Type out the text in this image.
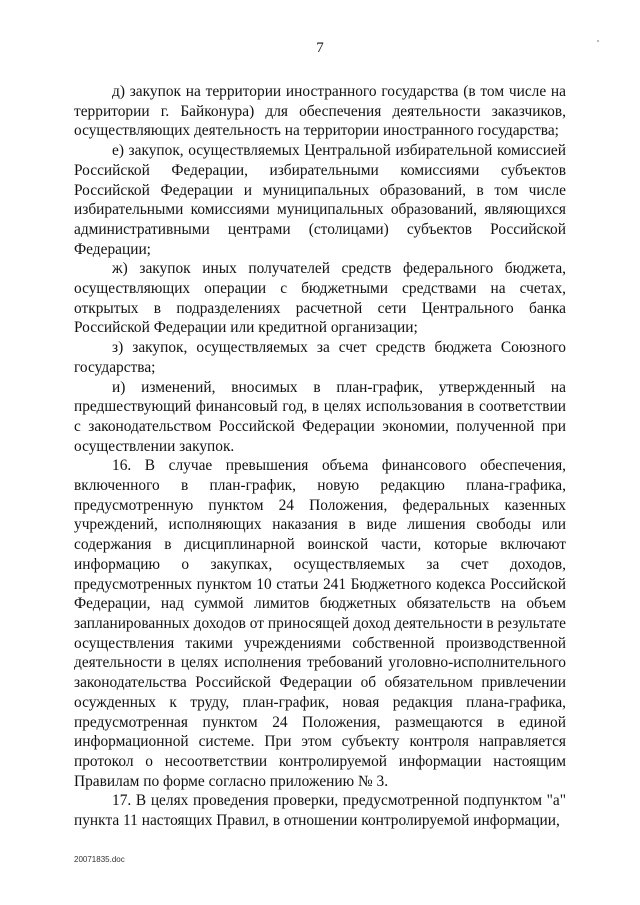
7

д) закупок на территории иностранного государства (в том числе на территории г. Байконура) для обеспечения деятельности заказчиков, осуществляющих деятельность на территории иностранного государства;

е) закупок, осуществляемых Центральной избирательной комиссией Российской Федерации, избирательными комиссиями субъектов Российской Федерации и муниципальных образований, в том числе избирательными комиссиями муниципальных образований, являющихся административными центрами (столицами) субъектов Российской Федерации;

ж) закупок иных получателей средств федерального бюджета, осуществляющих операции с бюджетными средствами на счетах, открытых в подразделениях расчетной сети Центрального банка Российской Федерации или кредитной организации;

з) закупок, осуществляемых за счет средств бюджета Союзного государства;

и) изменений, вносимых в план-график, утвержденный на предшествующий финансовый год, в целях использования в соответствии с законодательством Российской Федерации экономии, полученной при осуществлении закупок.

16. В случае превышения объема финансового обеспечения, включенного в план-график, новую редакцию плана-графика, предусмотренную пунктом 24 Положения, федеральных казенных учреждений, исполняющих наказания в виде лишения свободы или содержания в дисциплинарной воинской части, которые включают информацию о закупках, осуществляемых за счет доходов, предусмотренных пунктом 10 статьи 241 Бюджетного кодекса Российской Федерации, над суммой лимитов бюджетных обязательств на объем запланированных доходов от приносящей доход деятельности в результате осуществления такими учреждениями собственной производственной деятельности в целях исполнения требований уголовно-исполнительного законодательства Российской Федерации об обязательном привлечении осужденных к труду, план-график, новая редакция плана-графика, предусмотренная пунктом 24 Положения, размещаются в единой информационной системе. При этом субъекту контроля направляется протокол о несоответствии контролируемой информации настоящим Правилам по форме согласно приложению № 3.

17. В целях проведения проверки, предусмотренной подпунктом "а" пункта 11 настоящих Правил, в отношении контролируемой информации,

20071835.doc
